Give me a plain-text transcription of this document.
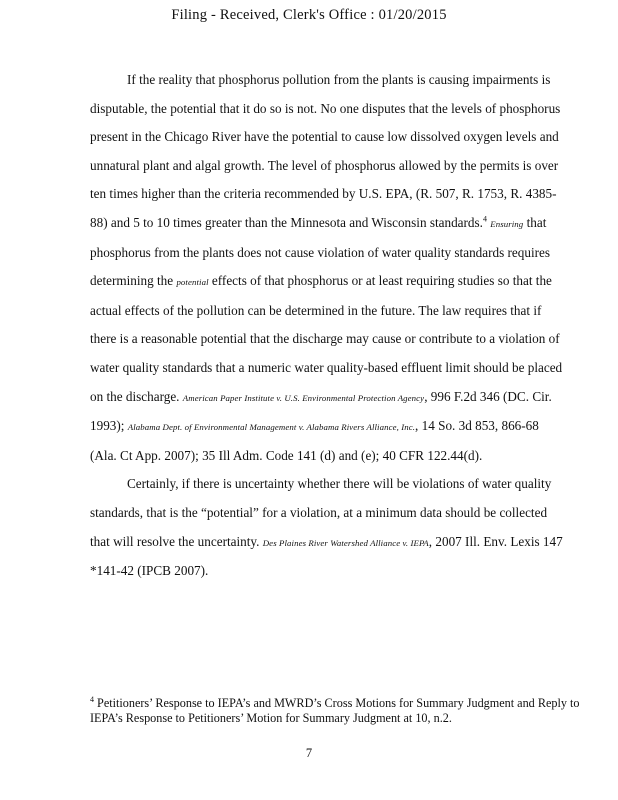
Filing - Received, Clerk's Office : 01/20/2015

If the reality that phosphorus pollution from the plants is causing impairments is disputable, the potential that it do so is not. No one disputes that the levels of phosphorus present in the Chicago River have the potential to cause low dissolved oxygen levels and unnatural plant and algal growth. The level of phosphorus allowed by the permits is over ten times higher than the criteria recommended by U.S. EPA, (R. 507, R. 1753, R. 4385-88) and 5 to 10 times greater than the Minnesota and Wisconsin standards.$^4$ Ensuring that phosphorus from the plants does not cause violation of water quality standards requires determining the potential effects of that phosphorus or at least requiring studies so that the actual effects of the pollution can be determined in the future. The law requires that if there is a reasonable potential that the discharge may cause or contribute to a violation of water quality standards that a numeric water quality-based effluent limit should be placed on the discharge. American Paper Institute v. U.S. Environmental Protection Agency, 996 F.2d 346 (DC. Cir. 1993); Alabama Dept. of Environmental Management v. Alabama Rivers Alliance, Inc., 14 So. 3d 853, 866-68 (Ala. Ct App. 2007); 35 Ill Adm. Code 141 (d) and (e); 40 CFR 122.44(d).

Certainly, if there is uncertainty whether there will be violations of water quality standards, that is the “potential” for a violation, at a minimum data should be collected that will resolve the uncertainty. Des Plaines River Watershed Alliance v. IEPA, 2007 Ill. Env. Lexis 147 *141-42 (IPCB 2007).

$^4$ Petitioners’ Response to IEPA’s and MWRD’s Cross Motions for Summary Judgment and Reply to IEPA’s Response to Petitioners’ Motion for Summary Judgment at 10, n.2.
7
